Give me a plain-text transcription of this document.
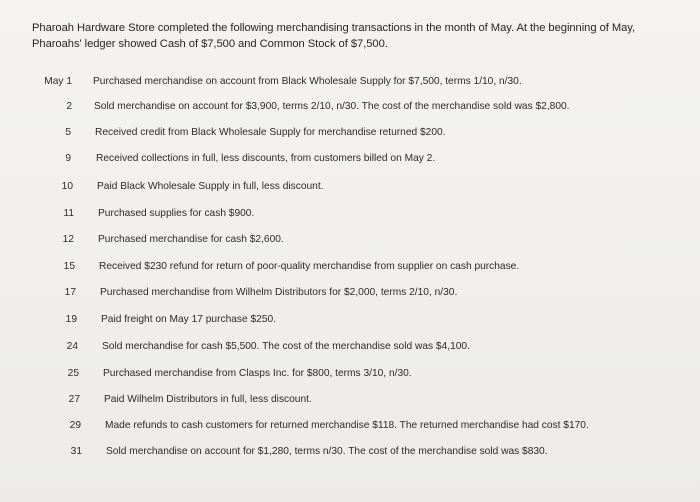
Pharoah Hardware Store completed the following merchandising transactions in the month of May. At the beginning of May,

Pharoahs' ledger showed Cash of $7,500 and Common Stock of $7,500.

May 1 Purchased merchandise on account from Black Wholesale Supply for $7,500, terms 1/10, n/30.
2 Sold merchandise on account for $3,900, terms 2/10, n/30. The cost of the merchandise sold was $2,800.
5 Received credit from Black Wholesale Supply for merchandise returned $200.
9 Received collections in full, less discounts, from customers billed on May 2.
10 Paid Black Wholesale Supply in full, less discount.
11 Purchased supplies for cash $900.
12 Purchased merchandise for cash $2,600.
15 Received $230 refund for return of poor-quality merchandise from supplier on cash purchase.
17 Purchased merchandise from Wilhelm Distributors for $2,000, terms 2/10, n/30.
19 Paid freight on May 17 purchase $250.
24 Sold merchandise for cash $5,500. The cost of the merchandise sold was $4,100.
25 Purchased merchandise from Clasps Inc. for $800, terms 3/10, n/30.
27 Paid Wilhelm Distributors in full, less discount.
29 Made refunds to cash customers for returned merchandise $118. The returned merchandise had cost $170.
31 Sold merchandise on account for $1,280, terms n/30. The cost of the merchandise sold was $830.
